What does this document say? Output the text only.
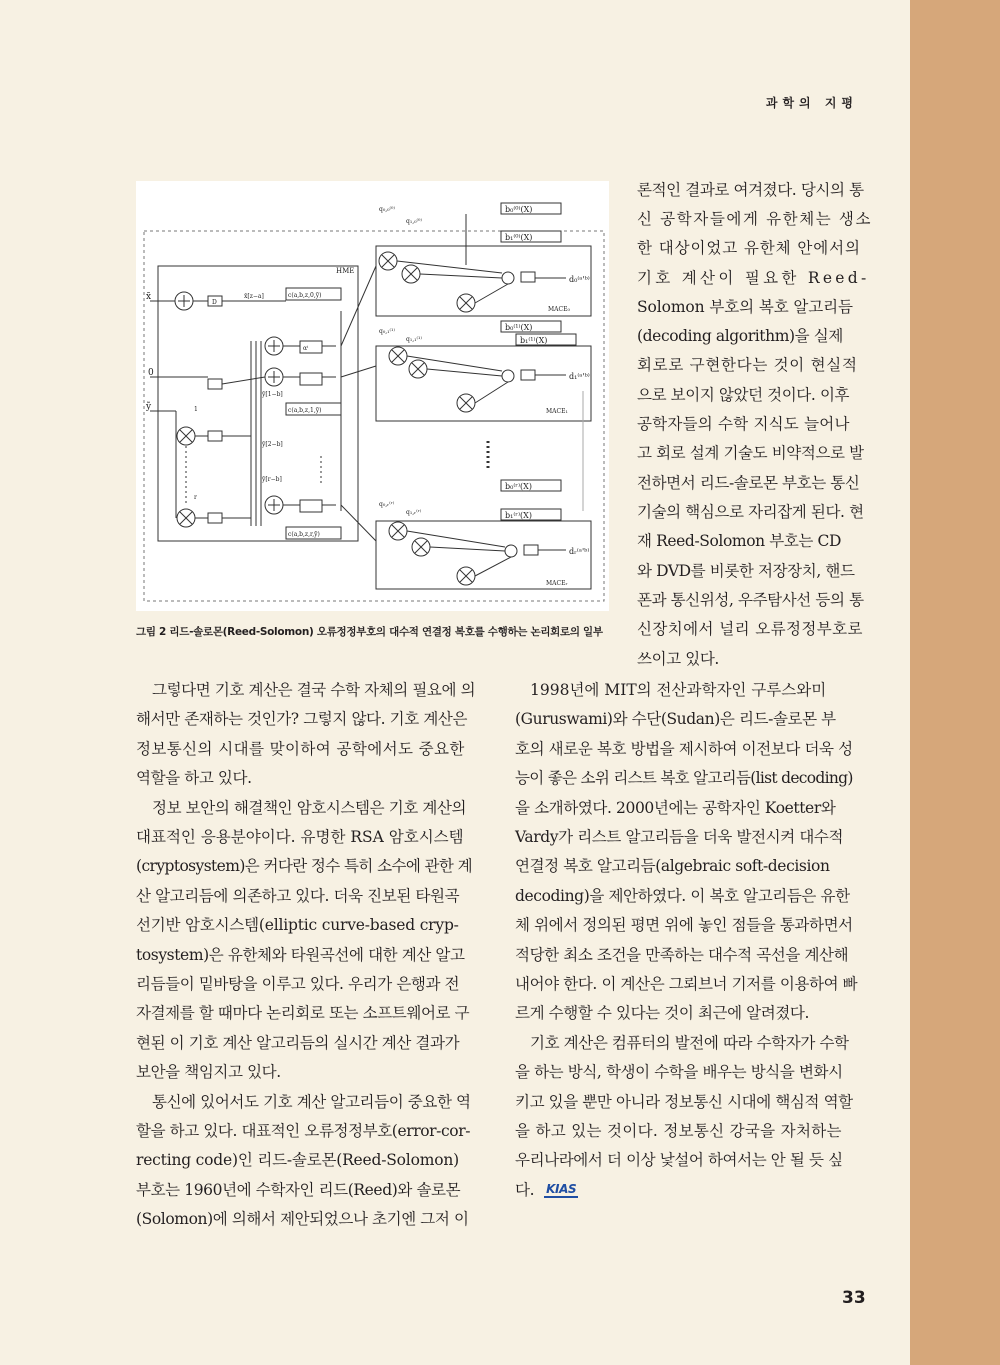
과학의 지평
HME
MACE₀
MACE₁
MACEᵣ
b₀⁽⁰⁾(X)
b₁⁽⁰⁾(X)
b₀⁽¹⁾(X)
b₁⁽¹⁾(X)
b₀⁽ʳ⁾(X)
b₁⁽ʳ⁾(X)
d₀⁽ᵃ'ᵇ⁾
d₁⁽ᵃ'ᵇ⁾
dᵣ⁽ᵃ'ᵇ⁾
x̃
0
ỹ
c(a,b,z,0,ỹ)
c(a,b,z,1,ỹ)
c(a,b,z,r,ỹ)
x̄[z−a]
ȳ[1−b]
ȳ[2−b]
ȳ[r−b]
q₀,₀⁽⁰⁾
q₁,₀⁽⁰⁾
q₀,₁⁽¹⁾
q₁,₁⁽¹⁾
q₀,ᵣ⁽ʳ⁾
q₁,ᵣ⁽ʳ⁾
αⁱ
D
1
r
그림 2 리드-솔로몬(Reed-Solomon) 오류정정부호의 대수적 연결정 복호를 수행하는 논리회로의 일부
론적인 결과로 여겨졌다. 당시의 통
신 공학자들에게 유한체는 생소
한 대상이었고 유한체 안에서의
기호 계산이 필요한 Reed-
Solomon 부호의 복호 알고리듬
(decoding algorithm)을 실제
회로로 구현한다는 것이 현실적
으로 보이지 않았던 것이다. 이후
공학자들의 수학 지식도 늘어나
고 회로 설계 기술도 비약적으로 발
전하면서 리드-솔로몬 부호는 통신
기술의 핵심으로 자리잡게 된다. 현
재 Reed-Solomon 부호는 CD
와 DVD를 비롯한 저장장치, 핸드
폰과 통신위성, 우주탐사선 등의 통
신장치에서 널리 오류정정부호로
쓰이고 있다.
그렇다면 기호 계산은 결국 수학 자체의 필요에 의
해서만 존재하는 것인가? 그렇지 않다. 기호 계산은
정보통신의 시대를 맞이하여 공학에서도 중요한
역할을 하고 있다.
정보 보안의 해결책인 암호시스템은 기호 계산의
대표적인 응용분야이다. 유명한 RSA 암호시스템
(cryptosystem)은 커다란 정수 특히 소수에 관한 계
산 알고리듬에 의존하고 있다. 더욱 진보된 타원곡
선기반 암호시스템(elliptic curve-based cryp-
tosystem)은 유한체와 타원곡선에 대한 계산 알고
리듬들이 밑바탕을 이루고 있다. 우리가 은행과 전
자결제를 할 때마다 논리회로 또는 소프트웨어로 구
현된 이 기호 계산 알고리듬의 실시간 계산 결과가
보안을 책임지고 있다.
통신에 있어서도 기호 계산 알고리듬이 중요한 역
할을 하고 있다. 대표적인 오류정정부호(error-cor-
recting code)인 리드-솔로몬(Reed-Solomon)
부호는 1960년에 수학자인 리드(Reed)와 솔로몬
(Solomon)에 의해서 제안되었으나 초기엔 그저 이
1998년에 MIT의 전산과학자인 구루스와미
(Guruswami)와 수단(Sudan)은 리드-솔로몬 부
호의 새로운 복호 방법을 제시하여 이전보다 더욱 성
능이 좋은 소위 리스트 복호 알고리듬(list decoding)
을 소개하였다. 2000년에는 공학자인 Koetter와
Vardy가 리스트 알고리듬을 더욱 발전시켜 대수적
연결정 복호 알고리듬(algebraic soft-decision
decoding)을 제안하였다. 이 복호 알고리듬은 유한
체 위에서 정의된 평면 위에 놓인 점들을 통과하면서
적당한 최소 조건을 만족하는 대수적 곡선을 계산해
내어야 한다. 이 계산은 그뢰브너 기저를 이용하여 빠
르게 수행할 수 있다는 것이 최근에 알려졌다.
기호 계산은 컴퓨터의 발전에 따라 수학자가 수학
을 하는 방식, 학생이 수학을 배우는 방식을 변화시
키고 있을 뿐만 아니라 정보통신 시대에 핵심적 역할
을 하고 있는 것이다. 정보통신 강국을 자처하는
우리나라에서 더 이상 낯설어 하여서는 안 될 듯 싶
다. KIAS
33
